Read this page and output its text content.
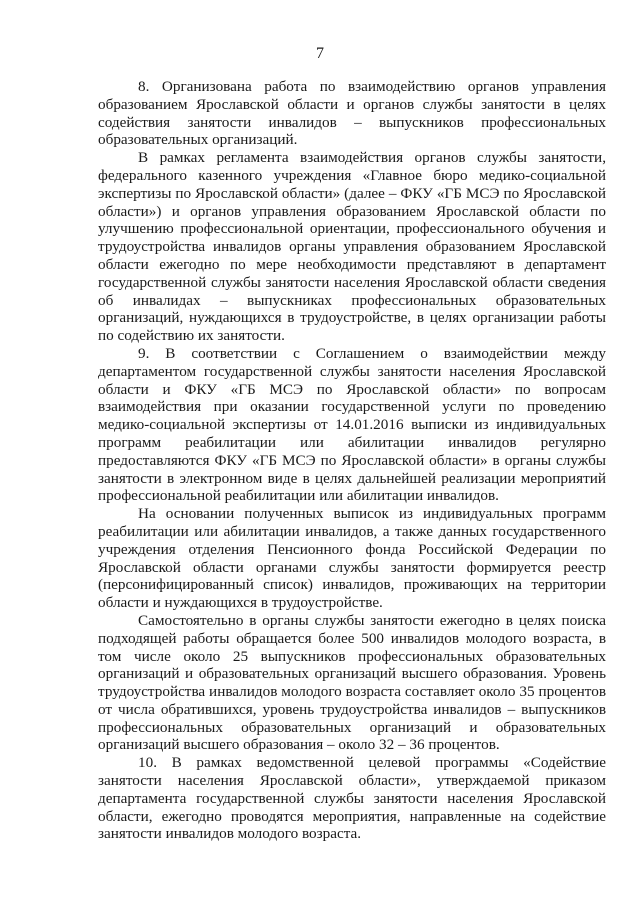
7

8. Организована работа по взаимодействию органов управления образованием Ярославской области и органов службы занятости в целях содействия занятости инвалидов – выпускников профессиональных образовательных организаций.

В рамках регламента взаимодействия органов службы занятости, федерального казенного учреждения «Главное бюро медико-социальной экспертизы по Ярославской области» (далее – ФКУ «ГБ МСЭ по Ярославской области») и органов управления образованием Ярославской области по улучшению профессиональной ориентации, профессионального обучения и трудоустройства инвалидов органы управления образованием Ярославской области ежегодно по мере необходимости представляют в департамент государственной службы занятости населения Ярославской области сведения об инвалидах – выпускниках профессиональных образовательных организаций, нуждающихся в трудоустройстве, в целях организации работы по содействию их занятости.

9. В соответствии с Соглашением о взаимодействии между департаментом государственной службы занятости населения Ярославской области и ФКУ «ГБ МСЭ по Ярославской области» по вопросам взаимодействия при оказании государственной услуги по проведению медико-социальной экспертизы от 14.01.2016 выписки из индивидуальных программ реабилитации или абилитации инвалидов регулярно предоставляются ФКУ «ГБ МСЭ по Ярославской области» в органы службы занятости в электронном виде в целях дальнейшей реализации мероприятий профессиональной реабилитации или абилитации инвалидов.

На основании полученных выписок из индивидуальных программ реабилитации или абилитации инвалидов, а также данных государственного учреждения отделения Пенсионного фонда Российской Федерации по Ярославской области органами службы занятости формируется реестр (персонифицированный список) инвалидов, проживающих на территории области и нуждающихся в трудоустройстве.

Самостоятельно в органы службы занятости ежегодно в целях поиска подходящей работы обращается более 500 инвалидов молодого возраста, в том числе около 25 выпускников профессиональных образовательных организаций и образовательных организаций высшего образования. Уровень трудоустройства инвалидов молодого возраста составляет около 35 процентов от числа обратившихся, уровень трудоустройства инвалидов – выпускников профессиональных образовательных организаций и образовательных организаций высшего образования – около 32 – 36 процентов.

10. В рамках ведомственной целевой программы «Содействие занятости населения Ярославской области», утверждаемой приказом департамента государственной службы занятости населения Ярославской области, ежегодно проводятся мероприятия, направленные на содействие занятости инвалидов молодого возраста.
